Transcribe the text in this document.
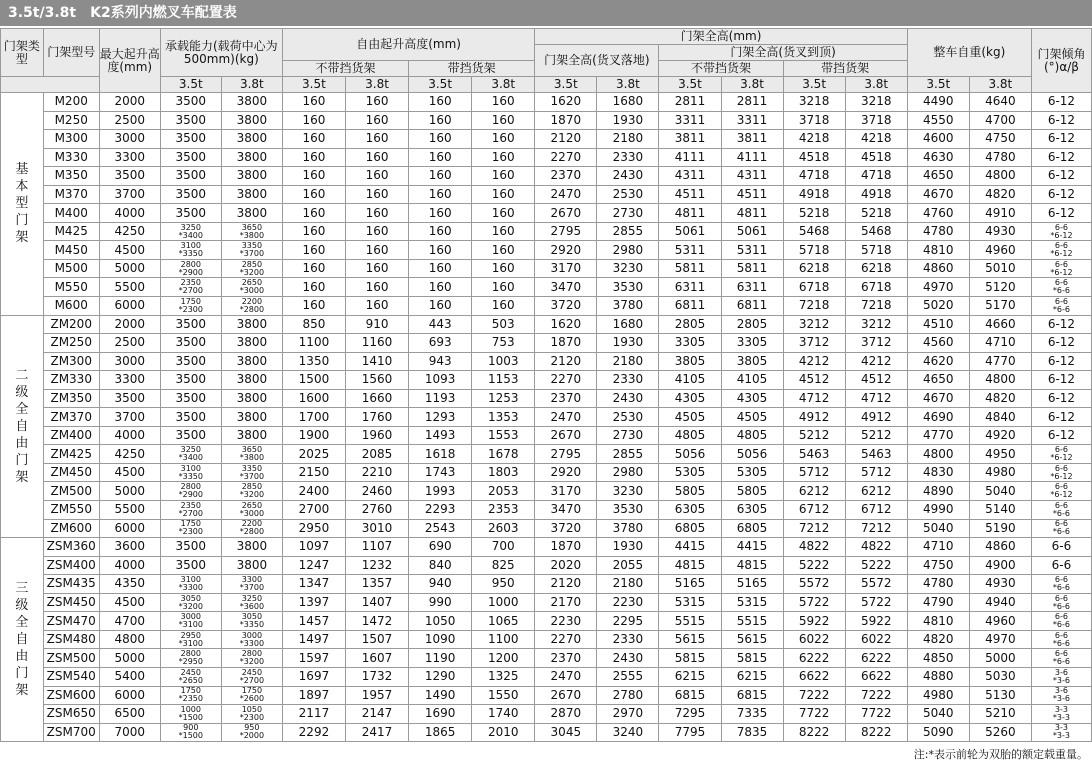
3.5t/3.8t K2系列内燃叉车配置表
门架类型	门架型号	最大起升高度(mm)	承载能力(载荷中心为500mm)(kg)		自由起升高度(mm)				门架全高(mm)						整车自重(kg)		门架倾角(°)α/β
									门架全高(货叉落地)		门架全高(货叉到顶)						
					不带挡货架		带挡货架				不带挡货架		带挡货架				
			3.5t	3.8t	3.5t	3.8t	3.5t	3.8t	3.5t	3.8t	3.5t	3.8t	3.5t	3.8t	3.5t	3.8t	
基本型门架	M200	2000	3500	3800	160	160	160	160	1620	1680	2811	2811	3218	3218	4490	4640	6-12
	M250	2500	3500	3800	160	160	160	160	1870	1930	3311	3311	3718	3718	4550	4700	6-12
	M300	3000	3500	3800	160	160	160	160	2120	2180	3811	3811	4218	4218	4600	4750	6-12
	M330	3300	3500	3800	160	160	160	160	2270	2330	4111	4111	4518	4518	4630	4780	6-12
	M350	3500	3500	3800	160	160	160	160	2370	2430	4311	4311	4718	4718	4650	4800	6-12
	M370	3700	3500	3800	160	160	160	160	2470	2530	4511	4511	4918	4918	4670	4820	6-12
	M400	4000	3500	3800	160	160	160	160	2670	2730	4811	4811	5218	5218	4760	4910	6-12
	M425	4250	3250
*3400	3650
*3800	160	160	160	160	2795	2855	5061	5061	5468	5468	4780	4930	6-6
*6-12

	M450	4500	3100
*3350	3350
*3700	160	160	160	160	2920	2980	5311	5311	5718	5718	4810	4960	6-6
*6-12

	M500	5000	2800
*2900	2850
*3200	160	160	160	160	3170	3230	5811	5811	6218	6218	4860	5010	6-6
*6-12

	M550	5500	2350
*2700	2650
*3000	160	160	160	160	3470	3530	6311	6311	6718	6718	4970	5120	6-6
*6-6

	M600	6000	1750
*2300	2200
*2800	160	160	160	160	3720	3780	6811	6811	7218	7218	5020	5170	6-6
*6-6

二级全自由门架	ZM200	2000	3500	3800	850	910	443	503	1620	1680	2805	2805	3212	3212	4510	4660	6-12
	ZM250	2500	3500	3800	1100	1160	693	753	1870	1930	3305	3305	3712	3712	4560	4710	6-12
	ZM300	3000	3500	3800	1350	1410	943	1003	2120	2180	3805	3805	4212	4212	4620	4770	6-12
	ZM330	3300	3500	3800	1500	1560	1093	1153	2270	2330	4105	4105	4512	4512	4650	4800	6-12
	ZM350	3500	3500	3800	1600	1660	1193	1253	2370	2430	4305	4305	4712	4712	4670	4820	6-12
	ZM370	3700	3500	3800	1700	1760	1293	1353	2470	2530	4505	4505	4912	4912	4690	4840	6-12
	ZM400	4000	3500	3800	1900	1960	1493	1553	2670	2730	4805	4805	5212	5212	4770	4920	6-12
	ZM425	4250	3250
*3400	3650
*3800	2025	2085	1618	1678	2795	2855	5056	5056	5463	5463	4800	4950	6-6
*6-12

	ZM450	4500	3100
*3350	3350
*3700	2150	2210	1743	1803	2920	2980	5305	5305	5712	5712	4830	4980	6-6
*6-12

	ZM500	5000	2800
*2900	2850
*3200	2400	2460	1993	2053	3170	3230	5805	5805	6212	6212	4890	5040	6-6
*6-12

	ZM550	5500	2350
*2700	2650
*3000	2700	2760	2293	2353	3470	3530	6305	6305	6712	6712	4990	5140	6-6
*6-6

	ZM600	6000	1750
*2300	2200
*2800	2950	3010	2543	2603	3720	3780	6805	6805	7212	7212	5040	5190	6-6
*6-6

三级全自由门架	ZSM360	3600	3500	3800	1097	1107	690	700	1870	1930	4415	4415	4822	4822	4710	4860	6-6
	ZSM400	4000	3500	3800	1247	1232	840	825	2020	2055	4815	4815	5222	5222	4750	4900	6-6
	ZSM435	4350	3100
*3300	3300
*3700	1347	1357	940	950	2120	2180	5165	5165	5572	5572	4780	4930	6-6
*6-6

	ZSM450	4500	3050
*3200	3250
*3600	1397	1407	990	1000	2170	2230	5315	5315	5722	5722	4790	4940	6-6
*6-6

	ZSM470	4700	3000
*3100	3050
*3350	1457	1472	1050	1065	2230	2295	5515	5515	5922	5922	4810	4960	6-6
*6-6

	ZSM480	4800	2950
*3100	3000
*3300	1497	1507	1090	1100	2270	2330	5615	5615	6022	6022	4820	4970	6-6
*6-6

	ZSM500	5000	2800
*2950	2800
*3200	1597	1607	1190	1200	2370	2430	5815	5815	6222	6222	4850	5000	6-6
*6-6

	ZSM540	5400	2450
*2650	2450
*2700	1697	1732	1290	1325	2470	2555	6215	6215	6622	6622	4880	5030	3-6
*3-6

	ZSM600	6000	1750
*2350	1750
*2600	1897	1957	1490	1550	2670	2780	6815	6815	7222	7222	4980	5130	3-6
*3-6

	ZSM650	6500	1000
*1500	1050
*2300	2117	2147	1690	1740	2870	2970	7295	7335	7722	7722	5040	5210	3-3
*3-3

	ZSM700	7000	900
*1500	950
*2000	2292	2417	1865	2010	3045	3240	7795	7835	8222	8222	5090	5260	3-3
*3-3
注:*表示前轮为双胎的额定载重量。
